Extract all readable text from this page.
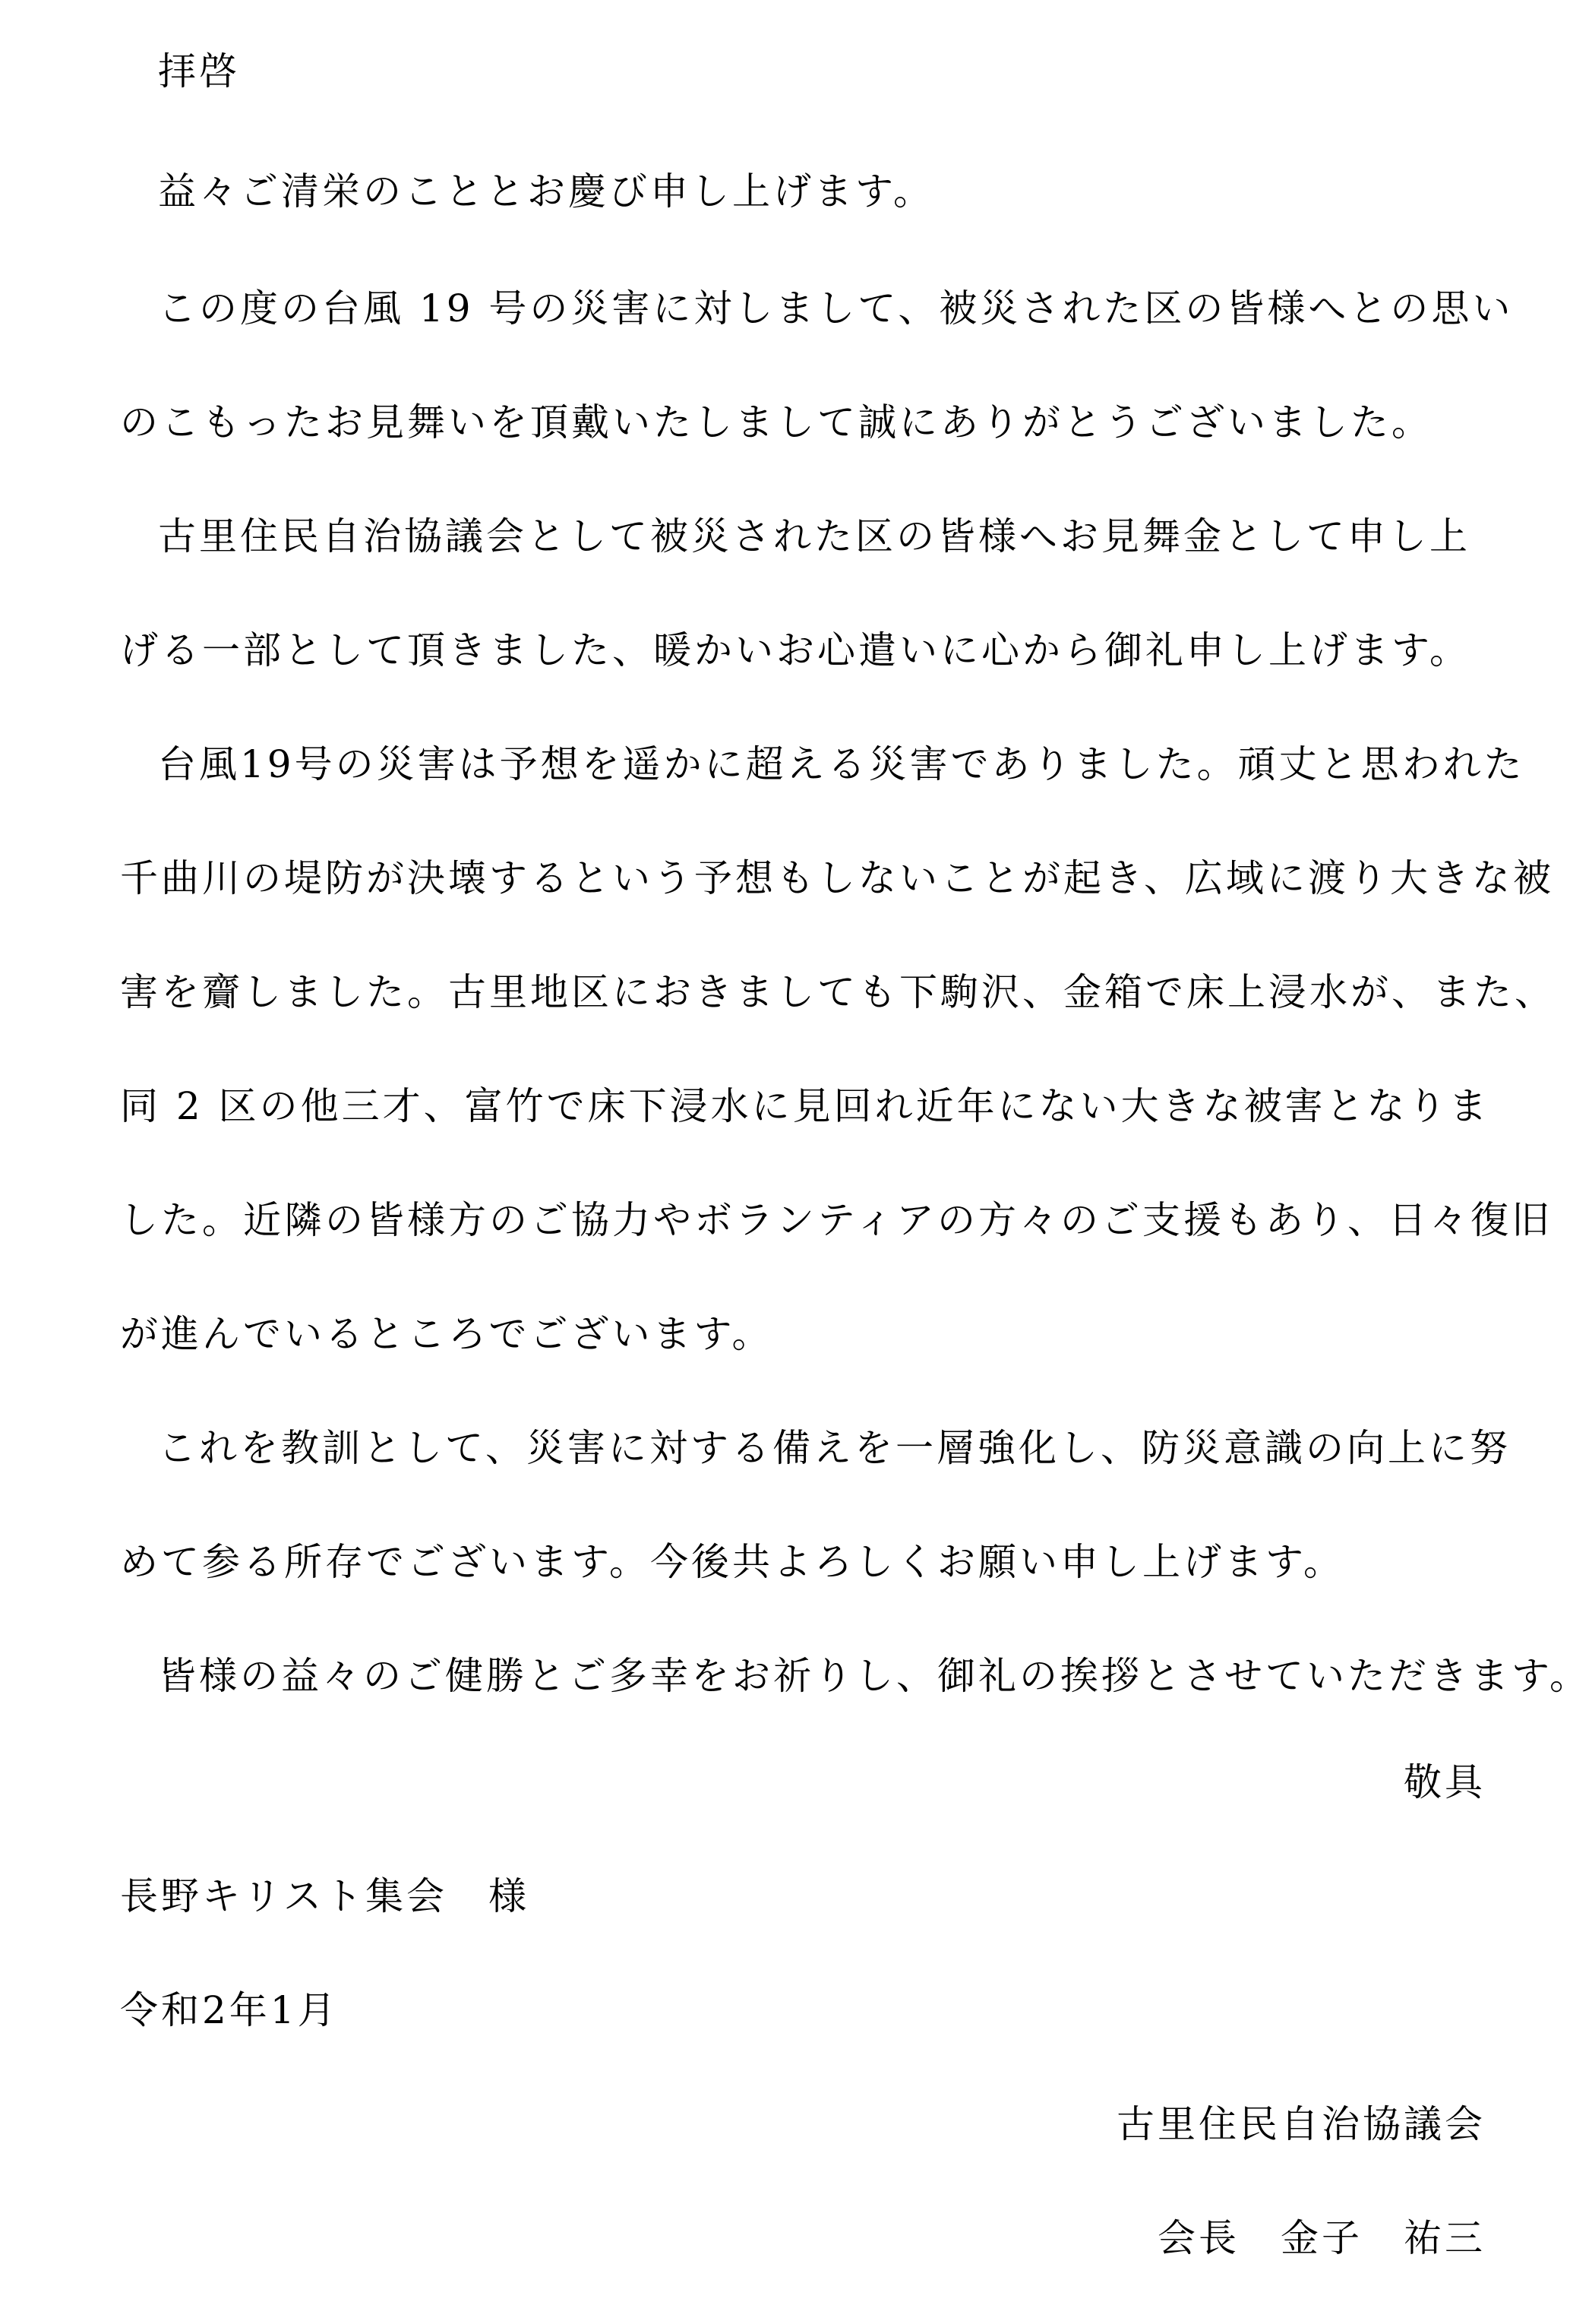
拝啓
益々ご清栄のこととお慶び申し上げます。
この度の台風 19 号の災害に対しまして、被災された区の皆様へとの思い
のこもったお見舞いを頂戴いたしまして誠にありがとうございました。
古里住民自治協議会として被災された区の皆様へお見舞金として申し上
げる一部として頂きました、暖かいお心遣いに心から御礼申し上げます。
台風19号の災害は予想を遥かに超える災害でありました。頑丈と思われた
千曲川の堤防が決壊するという予想もしないことが起き、広域に渡り大きな被
害を齎しました。古里地区におきましても下駒沢、金箱で床上浸水が、また、
同 2 区の他三才、富竹で床下浸水に見回れ近年にない大きな被害となりま
した。近隣の皆様方のご協力やボランティアの方々のご支援もあり、日々復旧
が進んでいるところでございます。
これを教訓として、災害に対する備えを一層強化し、防災意識の向上に努
めて参る所存でございます。今後共よろしくお願い申し上げます。
皆様の益々のご健勝とご多幸をお祈りし、御礼の挨拶とさせていただきます。
敬具
長野キリスト集会　様
令和2年1月
古里住民自治協議会
会長　金子　祐三
